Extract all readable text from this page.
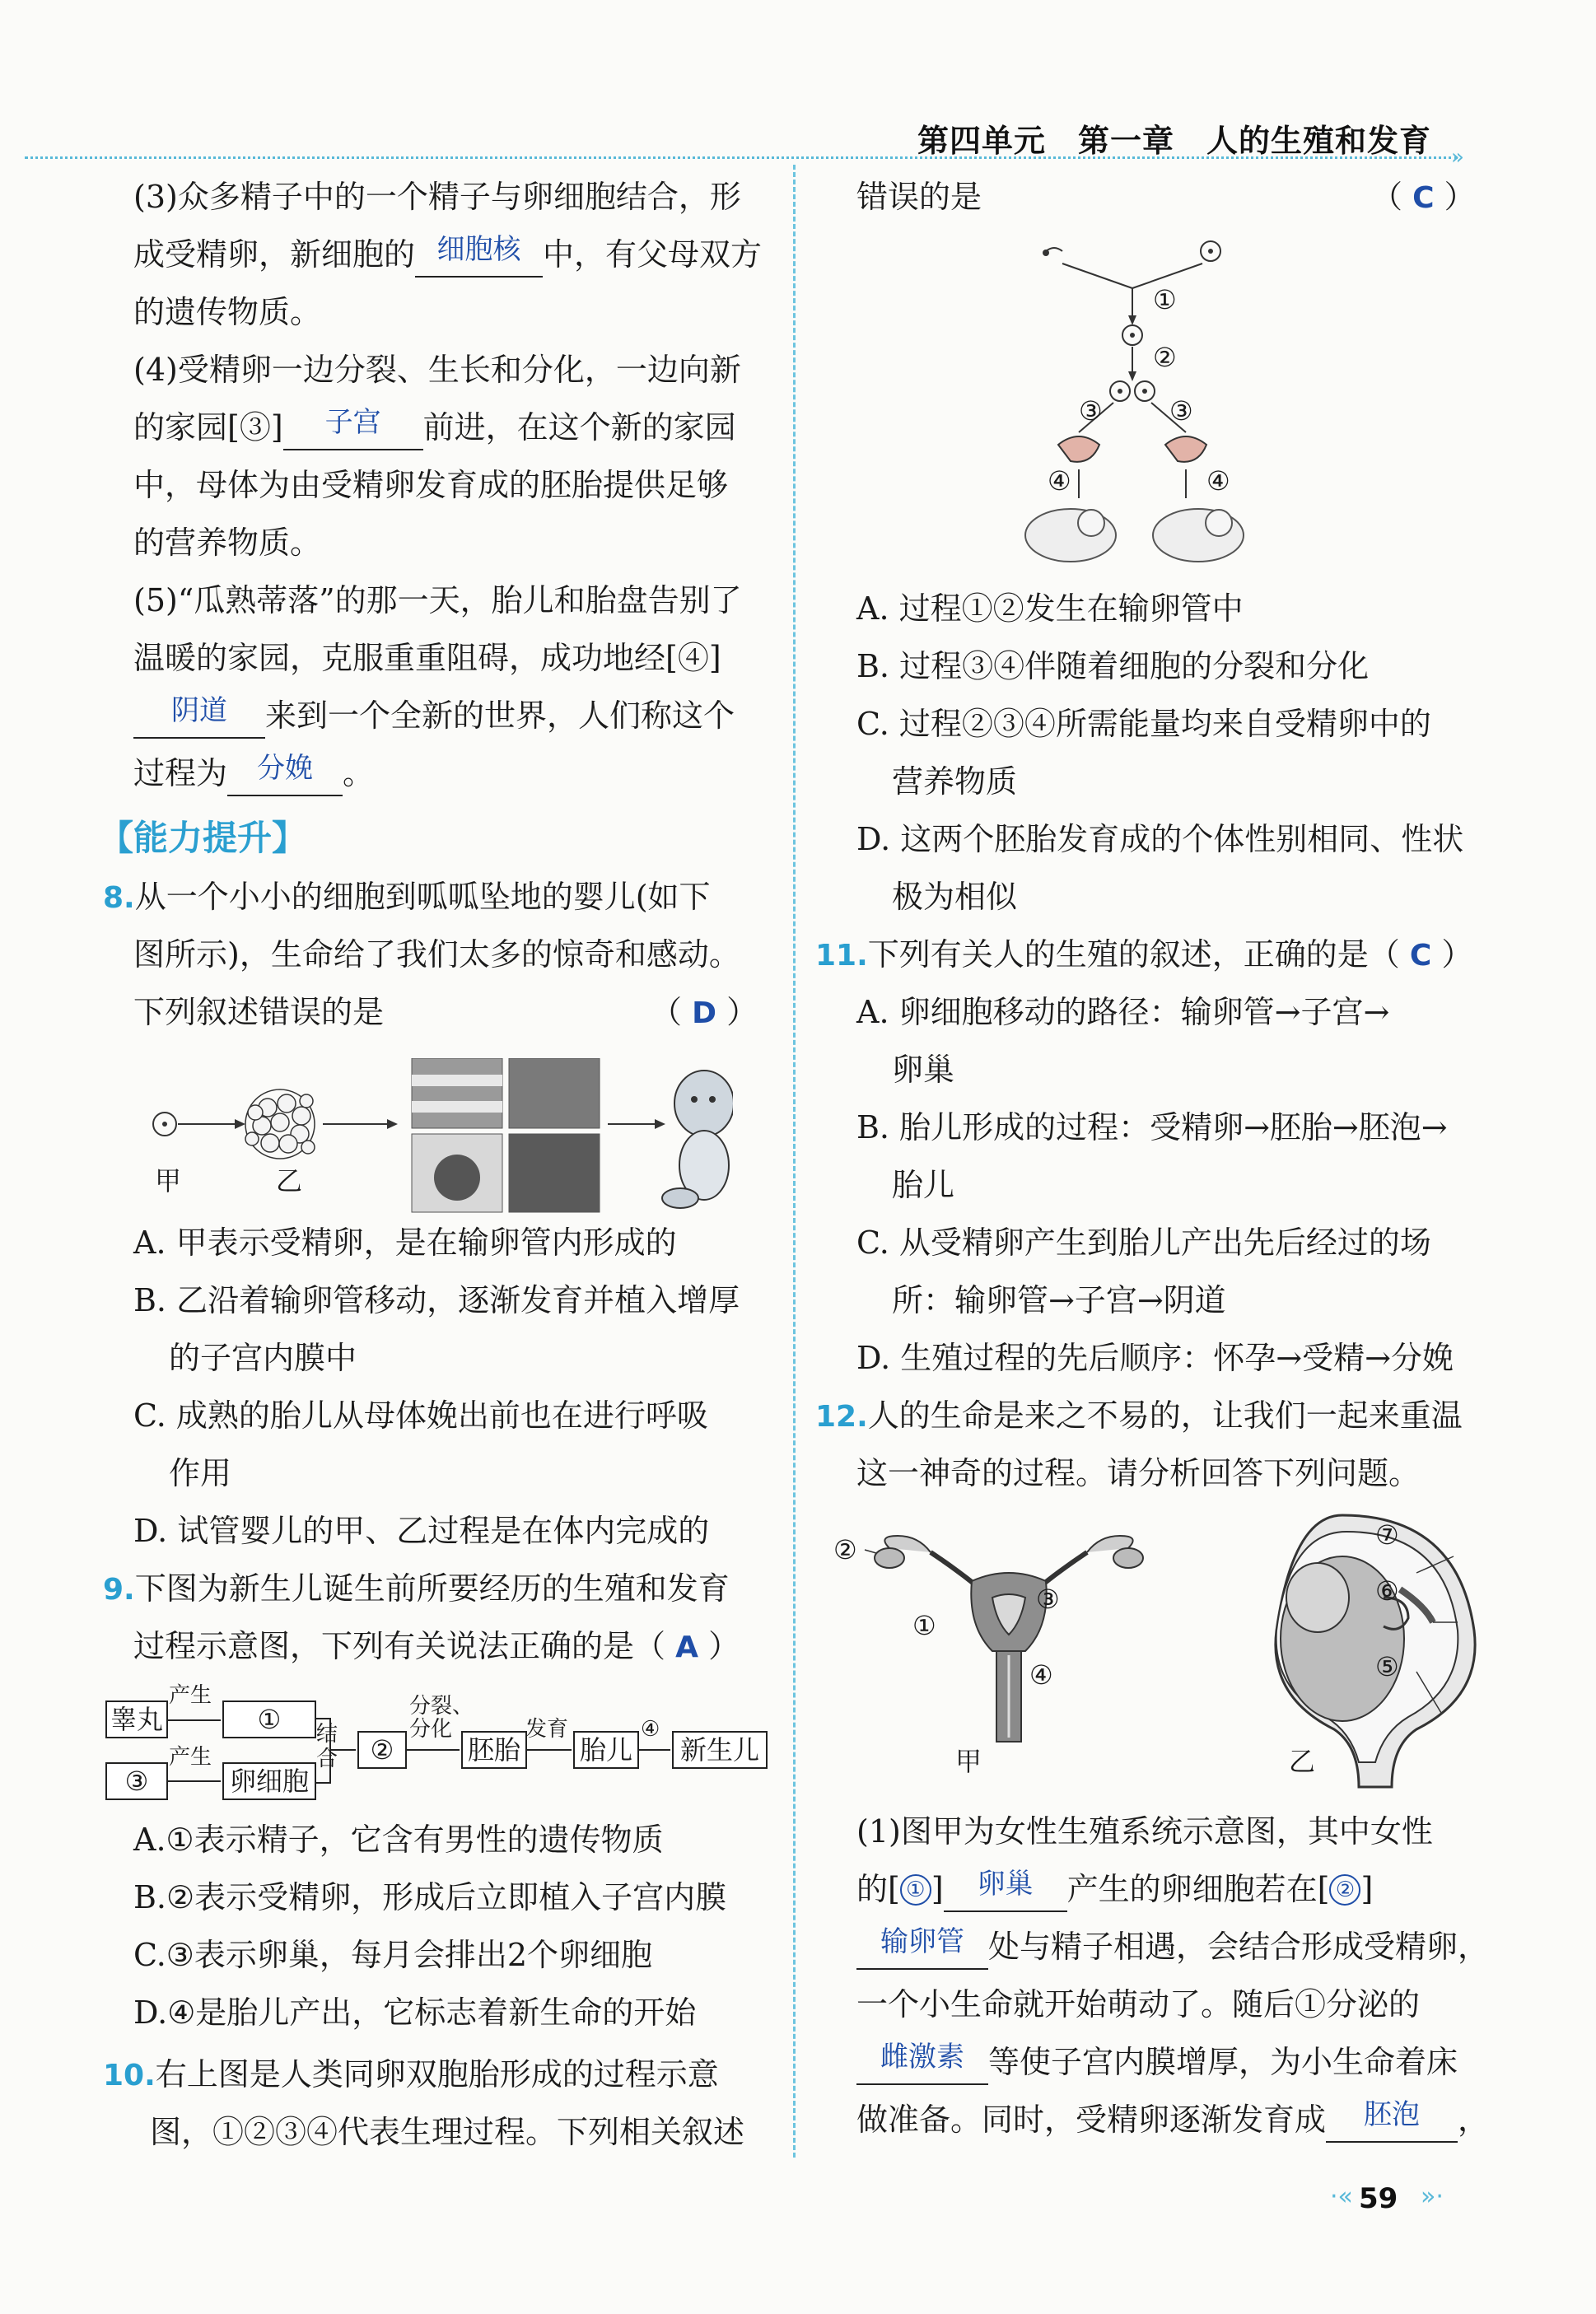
第四单元　第一章　人的生殖和发育 »
(3)众多精子中的一个精子与卵细胞结合，形
成受精卵，新细胞的 细胞核 中，有父母双方
的遗传物质。
(4)受精卵一边分裂、生长和分化，一边向新
的家园[③] 子宫 前进，在这个新的家园
中，母体为由受精卵发育成的胚胎提供足够
的营养物质。
(5)“瓜熟蒂落”的那一天，胎儿和胎盘告别了
温暖的家园，克服重重阻碍，成功地经[④]
阴道 来到一个全新的世界，人们称这个
过程为 分娩 。
【能力提升】
8.从一个小小的细胞到呱呱坠地的婴儿(如下
图所示)，生命给了我们太多的惊奇和感动。
下列叙述错误的是	（ D ）
甲	乙
A. 甲表示受精卵，是在输卵管内形成的
B. 乙沿着输卵管移动，逐渐发育并植入增厚
的子宫内膜中
C. 成熟的胎儿从母体娩出前也在进行呼吸
作用
D. 试管婴儿的甲、乙过程是在体内完成的
9.下图为新生儿诞生前所要经历的生殖和发育
过程示意图，下列有关说法正确的是（ A ）
睾丸
产生
①
③
产生
卵细胞
结
合	②
分裂、
分化
胚胎
发育
胎儿
④
新生儿
A.①表示精子，它含有男性的遗传物质
B.②表示受精卵，形成后立即植入子宫内膜
C.③表示卵巢，每月会排出2个卵细胞
D.④是胎儿产出，它标志着新生命的开始
10.右上图是人类同卵双胞胎形成的过程示意
图，①②③④代表生理过程。下列相关叙述
错误的是	（ C ）
①
②
③	③
④	④
A. 过程①②发生在输卵管中
B. 过程③④伴随着细胞的分裂和分化
C. 过程②③④所需能量均来自受精卵中的
营养物质
D. 这两个胚胎发育成的个体性别相同、性状
极为相似
11.下列有关人的生殖的叙述，正确的是（ C ）
A. 卵细胞移动的路径：输卵管→子宫→
卵巢
B. 胎儿形成的过程：受精卵→胚胎→胚泡→
胎儿
C. 从受精卵产生到胎儿产出先后经过的场
所：输卵管→子宫→阴道
D. 生殖过程的先后顺序：怀孕→受精→分娩
12.人的生命是来之不易的，让我们一起来重温
这一神奇的过程。请分析回答下列问题。
②
①
③
④
甲
⑦
⑥
⑤
乙
(1)图甲为女性生殖系统示意图，其中女性
的[ ① ] 卵巢 产生的卵细胞若在[ ② ]
输卵管 处与精子相遇，会结合形成受精卵，
一个小生命就开始萌动了。随后①分泌的
雌激素 等使子宫内膜增厚，为小生命着床
做准备。同时，受精卵逐渐发育成 胚泡 ，
·« 59 »·
